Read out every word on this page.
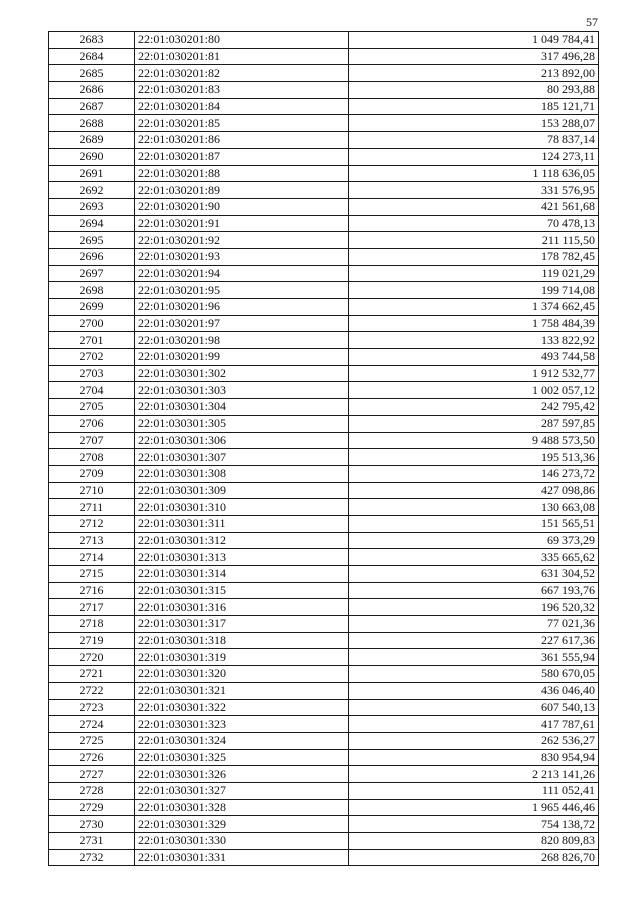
57
2683	22:01:030201:80	1 049 784,41
2684	22:01:030201:81	317 496,28
2685	22:01:030201:82	213 892,00
2686	22:01:030201:83	80 293,88
2687	22:01:030201:84	185 121,71
2688	22:01:030201:85	153 288,07
2689	22:01:030201:86	78 837,14
2690	22:01:030201:87	124 273,11
2691	22:01:030201:88	1 118 636,05
2692	22:01:030201:89	331 576,95
2693	22:01:030201:90	421 561,68
2694	22:01:030201:91	70 478,13
2695	22:01:030201:92	211 115,50
2696	22:01:030201:93	178 782,45
2697	22:01:030201:94	119 021,29
2698	22:01:030201:95	199 714,08
2699	22:01:030201:96	1 374 662,45
2700	22:01:030201:97	1 758 484,39
2701	22:01:030201:98	133 822,92
2702	22:01:030201:99	493 744,58
2703	22:01:030301:302	1 912 532,77
2704	22:01:030301:303	1 002 057,12
2705	22:01:030301:304	242 795,42
2706	22:01:030301:305	287 597,85
2707	22:01:030301:306	9 488 573,50
2708	22:01:030301:307	195 513,36
2709	22:01:030301:308	146 273,72
2710	22:01:030301:309	427 098,86
2711	22:01:030301:310	130 663,08
2712	22:01:030301:311	151 565,51
2713	22:01:030301:312	69 373,29
2714	22:01:030301:313	335 665,62
2715	22:01:030301:314	631 304,52
2716	22:01:030301:315	667 193,76
2717	22:01:030301:316	196 520,32
2718	22:01:030301:317	77 021,36
2719	22:01:030301:318	227 617,36
2720	22:01:030301:319	361 555,94
2721	22:01:030301:320	580 670,05
2722	22:01:030301:321	436 046,40
2723	22:01:030301:322	607 540,13
2724	22:01:030301:323	417 787,61
2725	22:01:030301:324	262 536,27
2726	22:01:030301:325	830 954,94
2727	22:01:030301:326	2 213 141,26
2728	22:01:030301:327	111 052,41
2729	22:01:030301:328	1 965 446,46
2730	22:01:030301:329	754 138,72
2731	22:01:030301:330	820 809,83
2732	22:01:030301:331	268 826,70
